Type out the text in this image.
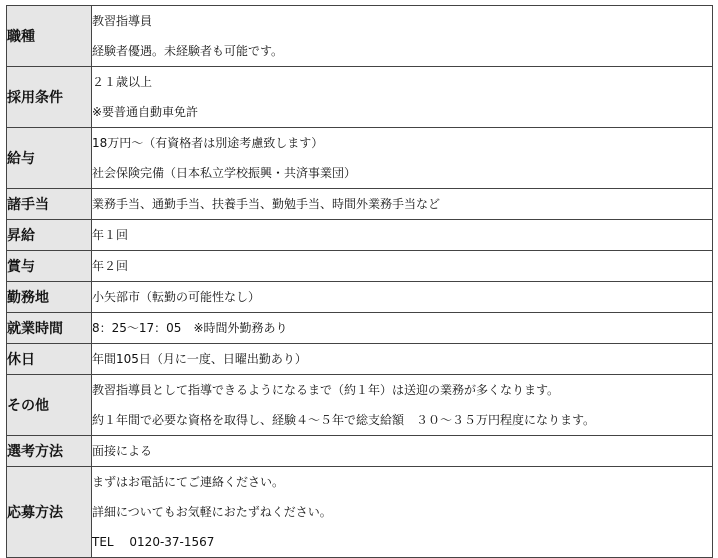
職種	教習指導員
経験者優遇。未経験者も可能です。

採用条件	２１歳以上
※要普通自動車免許

給与	18万円～（有資格者は別途考慮致します）
社会保険完備（日本私立学校振興・共済事業団）

諸手当	業務手当、通勤手当、扶養手当、勤勉手当、時間外業務手当など

昇給	年１回

賞与	年２回

勤務地	小矢部市（転勤の可能性なし）

就業時間	8：25～17：05　※時間外勤務あり

休日	年間105日（月に一度、日曜出勤あり）

その他	教習指導員として指導できるようになるまで（約１年）は送迎の業務が多くなります。
約１年間で必要な資格を取得し、経験４～５年で総支給額　３０～３５万円程度になります。

選考方法	面接による

応募方法	まずはお電話にてご連絡ください。
詳細についてもお気軽におたずねください。
TEL　 0120-37-1567
